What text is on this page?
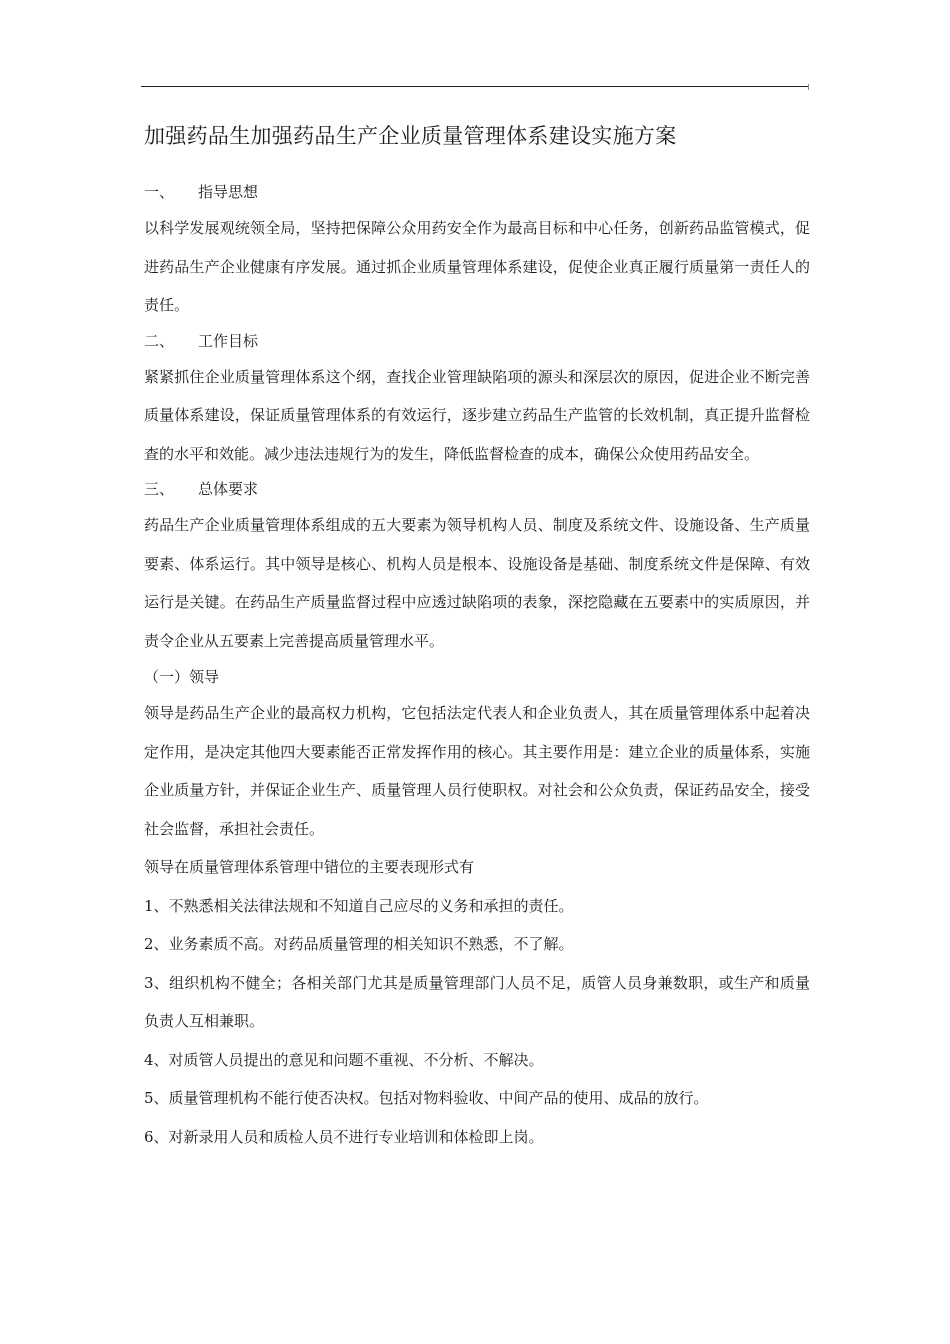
加强药品生加强药品生产企业质量管理体系建设实施方案
一、	指导思想

以科学发展观统领全局，坚持把保障公众用药安全作为最高目标和中心任务，创新药品监管模式，促进药品生产企业健康有序发展。通过抓企业质量管理体系建设，促使企业真正履行质量第一责任人的责任。

二、	工作目标

紧紧抓住企业质量管理体系这个纲，查找企业管理缺陷项的源头和深层次的原因，促进企业不断完善质量体系建设，保证质量管理体系的有效运行，逐步建立药品生产监管的长效机制，真正提升监督检查的水平和效能。减少违法违规行为的发生，降低监督检查的成本，确保公众使用药品安全。

三、	总体要求

药品生产企业质量管理体系组成的五大要素为领导机构人员、制度及系统文件、设施设备、生产质量要素、体系运行。其中领导是核心、机构人员是根本、设施设备是基础、制度系统文件是保障、有效运行是关键。在药品生产质量监督过程中应透过缺陷项的表象，深挖隐藏在五要素中的实质原因，并责令企业从五要素上完善提高质量管理水平。

（一）领导

领导是药品生产企业的最高权力机构，它包括法定代表人和企业负责人，其在质量管理体系中起着决定作用，是决定其他四大要素能否正常发挥作用的核心。其主要作用是：建立企业的质量体系，实施企业质量方针，并保证企业生产、质量管理人员行使职权。对社会和公众负责，保证药品安全，接受社会监督，承担社会责任。

领导在质量管理体系管理中错位的主要表现形式有

1、不熟悉相关法律法规和不知道自己应尽的义务和承担的责任。

2、业务素质不高。对药品质量管理的相关知识不熟悉，不了解。

3、组织机构不健全；各相关部门尤其是质量管理部门人员不足，质管人员身兼数职，或生产和质量负责人互相兼职。

4、对质管人员提出的意见和问题不重视、不分析、不解决。

5、质量管理机构不能行使否决权。包括对物料验收、中间产品的使用、成品的放行。

6、对新录用人员和质检人员不进行专业培训和体检即上岗。
